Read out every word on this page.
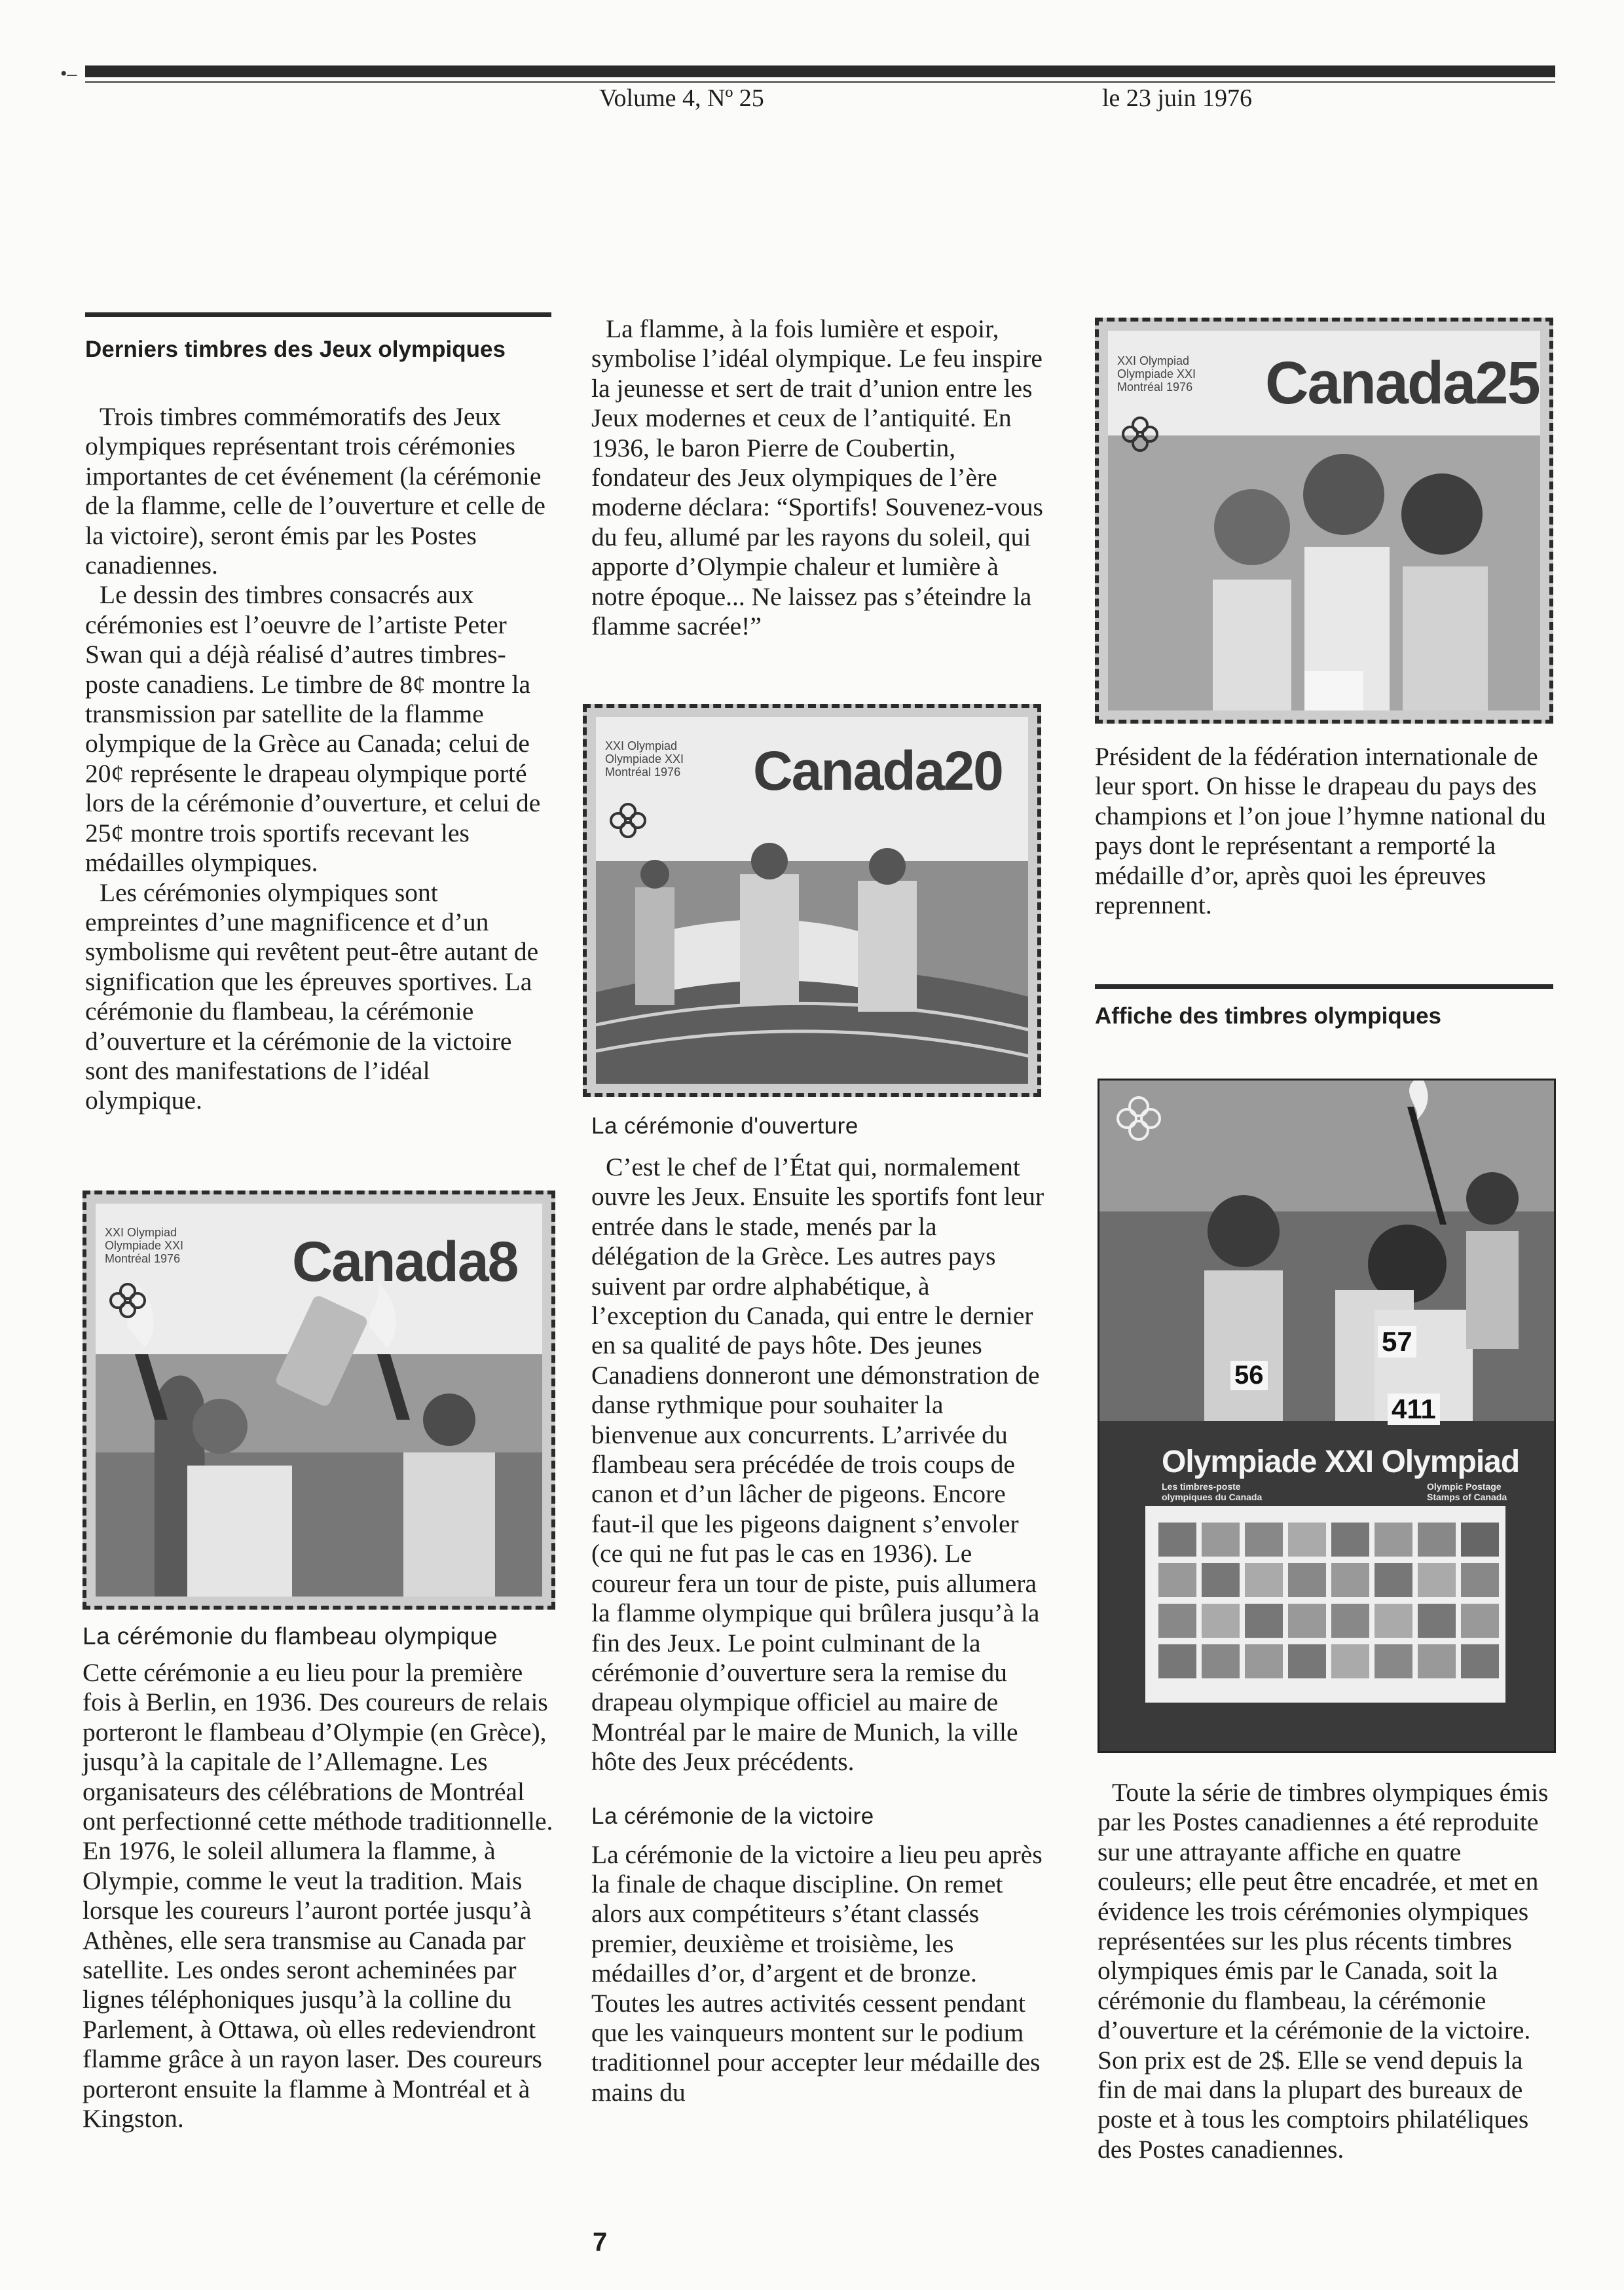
•–
Volume 4, Nº 25	le 23 juin 1976
Derniers timbres des Jeux olympiques

Trois timbres commémoratifs des Jeux olympiques représentant trois cérémonies importantes de cet événement (la cérémonie de la flamme, celle de l’ouverture et celle de la victoire), seront émis par les Postes canadiennes.

Le dessin des timbres consacrés aux cérémonies est l’oeuvre de l’artiste Peter Swan qui a déjà réalisé d’autres timbres-poste canadiens. Le timbre de 8¢ montre la transmission par satellite de la flamme olympique de la Grèce au Canada; celui de 20¢ représente le drapeau olympique porté lors de la cérémonie d’ouverture, et celui de 25¢ montre trois sportifs recevant les médailles olympiques.

Les cérémonies olympiques sont empreintes d’une magnificence et d’un symbolisme qui revêtent peut-être autant de signification que les épreuves sportives. La cérémonie du flambeau, la cérémonie d’ouverture et la cérémonie de la victoire sont des manifestations de l’idéal olympique.

XXI Olympiad
Olympiade XXI
Montréal 1976 Canada8
La cérémonie du flambeau olympique

Cette cérémonie a eu lieu pour la première fois à Berlin, en 1936. Des coureurs de relais porteront le flambeau d’Olympie (en Grèce), jusqu’à la capitale de l’Allemagne. Les organisateurs des célébrations de Montréal ont perfectionné cette méthode traditionnelle. En 1976, le soleil allumera la flamme, à Olympie, comme le veut la tradition. Mais lorsque les coureurs l’auront portée jusqu’à Athènes, elle sera transmise au Canada par satellite. Les ondes seront acheminées par lignes téléphoniques jusqu’à la colline du Parlement, à Ottawa, où elles redeviendront flamme grâce à un rayon laser. Des coureurs porteront ensuite la flamme à Montréal et à Kingston.

La flamme, à la fois lumière et espoir, symbolise l’idéal olympique. Le feu inspire la jeunesse et sert de trait d’union entre les Jeux modernes et ceux de l’antiquité. En 1936, le baron Pierre de Coubertin, fondateur des Jeux olympiques de l’ère moderne déclara: “Sportifs! Souvenez-vous du feu, allumé par les rayons du soleil, qui apporte d’Olympie chaleur et lumière à notre époque... Ne laissez pas s’éteindre la flamme sacrée!”

XXI Olympiad
Olympiade XXI
Montréal 1976 Canada20
La cérémonie d'ouverture

C’est le chef de l’État qui, normalement ouvre les Jeux. Ensuite les sportifs font leur entrée dans le stade, menés par la délégation de la Grèce. Les autres pays suivent par ordre alphabétique, à l’exception du Canada, qui entre le dernier en sa qualité de pays hôte. Des jeunes Canadiens donneront une démonstration de danse rythmique pour souhaiter la bienvenue aux concurrents. L’arrivée du flambeau sera précédée de trois coups de canon et d’un lâcher de pigeons. Encore faut-il que les pigeons daignent s’envoler (ce qui ne fut pas le cas en 1936). Le coureur fera un tour de piste, puis allumera la flamme olympique qui brûlera jusqu’à la fin des Jeux. Le point culminant de la cérémonie d’ouverture sera la remise du drapeau olympique officiel au maire de Montréal par le maire de Munich, la ville hôte des Jeux précédents.

La cérémonie de la victoire

La cérémonie de la victoire a lieu peu après la finale de chaque discipline. On remet alors aux compétiteurs s’étant classés premier, deuxième et troisième, les médailles d’or, d’argent et de bronze. Toutes les autres activités cessent pendant que les vainqueurs montent sur le podium traditionnel pour accepter leur médaille des mains du

XXI Olympiad
Olympiade XXI
Montréal 1976 Canada25

Président de la fédération internationale de leur sport. On hisse le drapeau du pays des champions et l’on joue l’hymne national du pays dont le représentant a remporté la médaille d’or, après quoi les épreuves reprennent.

Affiche des timbres olympiques
Olympiade XXI Olympiad
Les timbres-poste
olympiques du Canada
Olympic Postage
Stamps of Canada
57
56
411

Toute la série de timbres olympiques émis par les Postes canadiennes a été reproduite sur une attrayante affiche en quatre couleurs; elle peut être encadrée, et met en évidence les trois cérémonies olympiques représentées sur les plus récents timbres olympiques émis par le Canada, soit la cérémonie du flambeau, la cérémonie d’ouverture et la cérémonie de la victoire. Son prix est de 2$. Elle se vend depuis la fin de mai dans la plupart des bureaux de poste et à tous les comptoirs philatéliques des Postes canadiennes.

7
